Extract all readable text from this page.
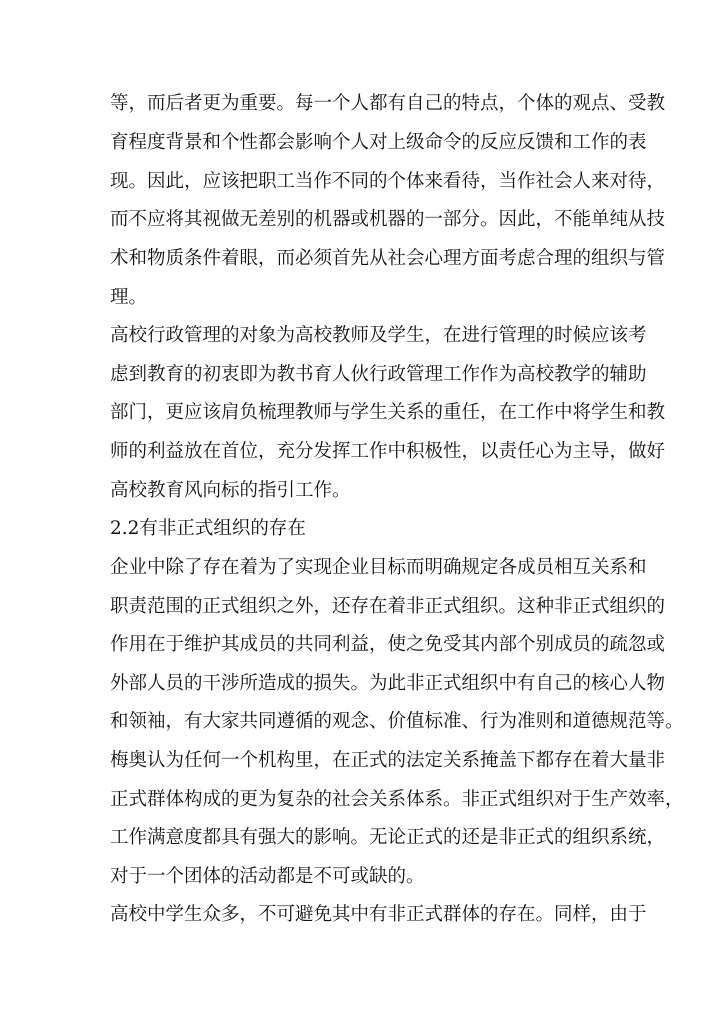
等，而后者更为重要。每一个人都有自己的特点，个体的观点、受教
育程度背景和个性都会影响个人对上级命令的反应反馈和工作的表
现。因此，应该把职工当作不同的个体来看待，当作社会人来对待，
而不应将其视做无差别的机器或机器的一部分。因此，不能单纯从技
术和物质条件着眼，而必须首先从社会心理方面考虑合理的组织与管
理。
高校行政管理的对象为高校教师及学生，在进行管理的时候应该考
虑到教育的初衷即为教书育人伙行政管理工作作为高校教学的辅助
部门，更应该肩负梳理教师与学生关系的重任，在工作中将学生和教
师的利益放在首位，充分发挥工作中积极性，以责任心为主导，做好
高校教育风向标的指引工作。
2.2有非正式组织的存在
企业中除了存在着为了实现企业目标而明确规定各成员相互关系和
职责范围的正式组织之外，还存在着非正式组织。这种非正式组织的
作用在于维护其成员的共同利益，使之免受其内部个别成员的疏忽或
外部人员的干涉所造成的损失。为此非正式组织中有自己的核心人物
和领袖，有大家共同遵循的观念、价值标准、行为准则和道德规范等。
梅奥认为任何一个机构里，在正式的法定关系掩盖下都存在着大量非
正式群体构成的更为复杂的社会关系体系。非正式组织对于生产效率，
工作满意度都具有强大的影响。无论正式的还是非正式的组织系统，
对于一个团体的活动都是不可或缺的。
高校中学生众多，不可避免其中有非正式群体的存在。同样，由于
